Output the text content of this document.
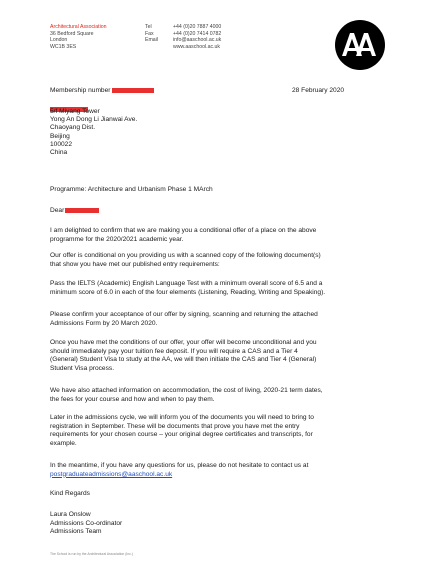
Architectural Association
36 Bedford Square
London
WC1B 3ES
Tel	+44 (0)20 7887 4000
Fax	+44 (0)20 7414 0782
Email	info@aaschool.ac.uk
www.aaschool.ac.uk
Membership number	28 February 2020
5/f Miyang Tower
Yong An Dong Li Jianwai Ave.
Chaoyang Dist.
Beijing
100022
China
Programme: Architecture and Urbanism Phase 1 MArch
Dear
I am delighted to confirm that we are making you a conditional offer of a place on the above
programme for the 2020/2021 academic year.
Our offer is conditional on you providing us with a scanned copy of the following document(s)
that show you have met our published entry requirements:
Pass the IELTS (Academic) English Language Test with a minimum overall score of 6.5 and a
minimum score of 6.0 in each of the four elements (Listening, Reading, Writing and Speaking).
Please confirm your acceptance of our offer by signing, scanning and returning the attached
Admissions Form by 20 March 2020.
Once you have met the conditions of our offer, your offer will become unconditional and you
should immediately pay your tuition fee deposit. If you will require a CAS and a Tier 4
(General) Student Visa to study at the AA, we will then initiate the CAS and Tier 4 (General)
Student Visa process.
We have also attached information on accommodation, the cost of living, 2020-21 term dates,
the fees for your course and how and when to pay them.
Later in the admissions cycle, we will inform you of the documents you will need to bring to
registration in September. These will be documents that prove you have met the entry
requirements for your chosen course – your original degree certificates and transcripts, for
example.
In the meantime, if you have any questions for us, please do not hesitate to contact us at
postgraduateadmissions@aaschool.ac.uk
Kind Regards
Laura Onslow
Admissions Co-ordinator
Admissions Team
The School is run by the Architectural Association (Inc.)
